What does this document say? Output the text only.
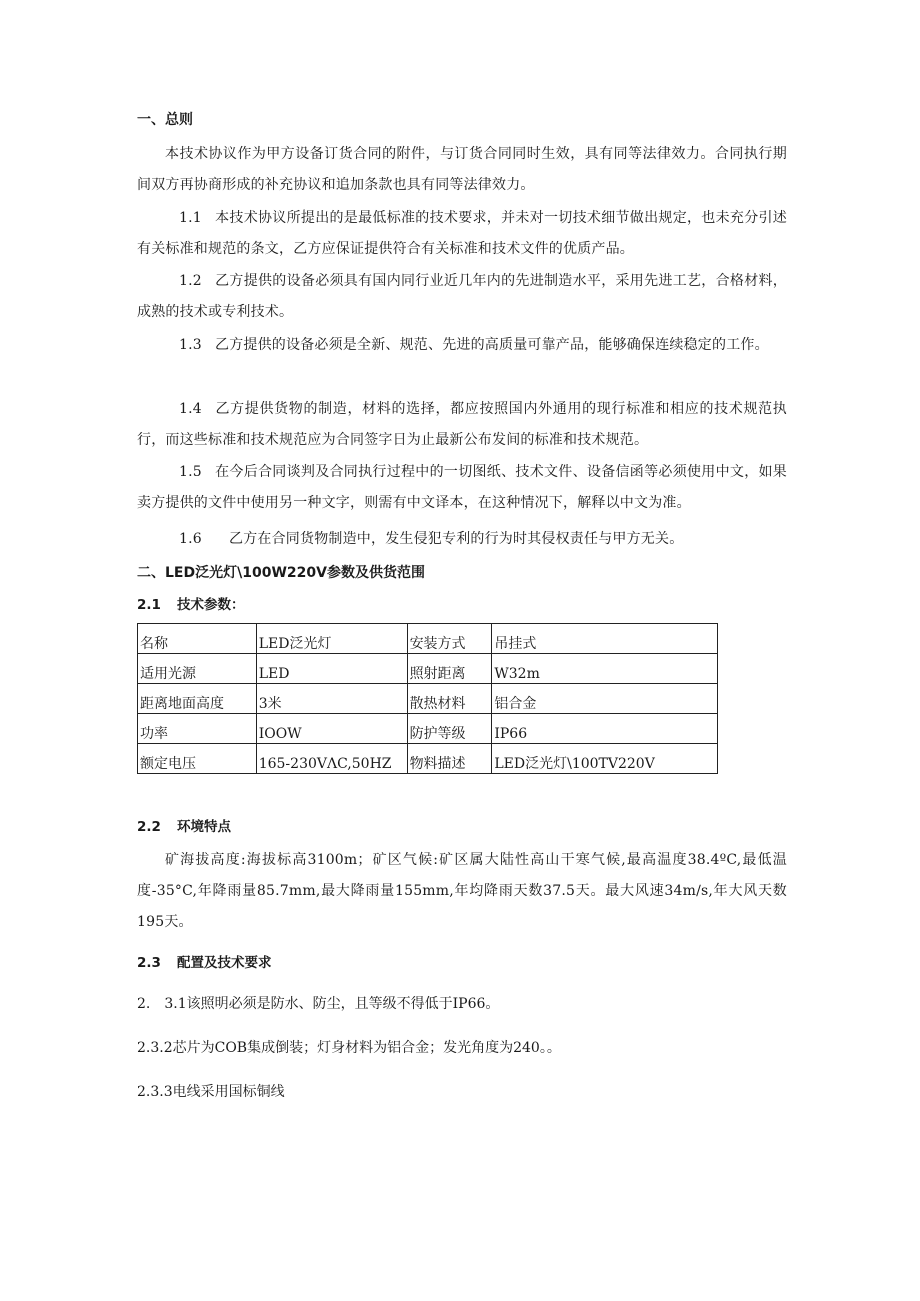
一、总则

本技术协议作为甲方设备订货合同的附件，与订货合同同时生效，具有同等法律效力。合同执行期间双方再协商形成的补充协议和追加条款也具有同等法律效力。

1.1 本技术协议所提出的是最低标准的技术要求，并未对一切技术细节做出规定，也未充分引述有关标准和规范的条文，乙方应保证提供符合有关标准和技术文件的优质产品。

1.2 乙方提供的设备必须具有国内同行业近几年内的先进制造水平，采用先进工艺，合格材料，成熟的技术或专利技术。

1.3 乙方提供的设备必须是全新、规范、先进的高质量可靠产品，能够确保连续稳定的工作。

1.4 乙方提供货物的制造，材料的选择，都应按照国内外通用的现行标准和相应的技术规范执行，而这些标准和技术规范应为合同签字日为止最新公布发间的标准和技术规范。

1.5 在今后合同谈判及合同执行过程中的一切图纸、技术文件、设备信函等必须使用中文，如果卖方提供的文件中使用另一种文字，则需有中文译本，在这种情况下，解释以中文为准。

1.6 乙方在合同货物制造中，发生侵犯专利的行为时其侵权责任与甲方无关。

二、LED泛光灯\100W220V参数及供货范围
2.1 技术参数：
名称	LED泛光灯	安装方式	吊挂式
适用光源	LED	照射距离	W32m
距离地面高度	3米	散热材料	铝合金
功率	IOOW	防护等级	IP66
额定电压	165-230VΛC,50HZ	物料描述	LED泛光灯\100TV220V
2.2 环境特点

矿海拔高度:海拔标高3100m；矿区气候:矿区属大陆性高山干寒气候,最高温度38.4ºC,最低温度-35°C,年降雨量85.7mm,最大降雨量155mm,年均降雨天数37.5天。最大风速34m∕s,年大风天数195天。

2.3 配置及技术要求
2.　3.1该照明必须是防水、防尘，且等级不得低于IP66。
2.3.2芯片为COB集成倒装；灯身材料为铝合金；发光角度为240。。
2.3.3电线采用国标铜线
